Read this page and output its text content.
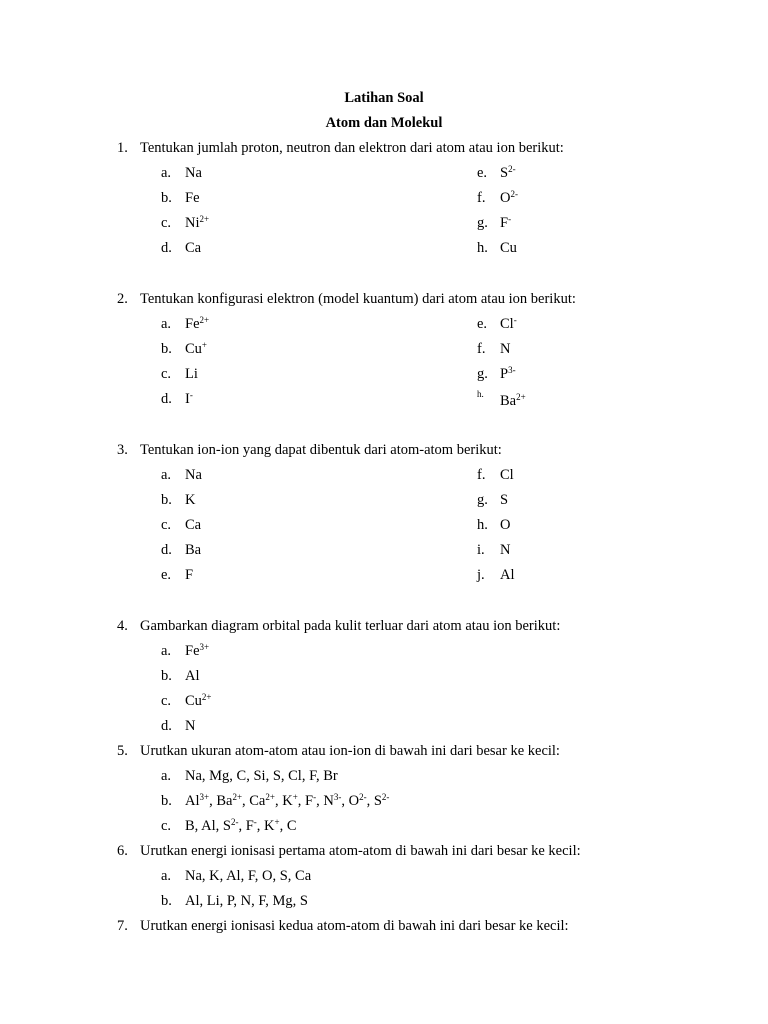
Latihan Soal
Atom dan Molekul
1. Tentukan jumlah proton, neutron dan elektron dari atom atau ion berikut:
a. Na
b. Fe
c. $Ni^{2+}$
d. Ca
e. $S^{2-}$
f. $O^{2-}$
g. F-
h. Cu
2. Tentukan konfigurasi elektron (model kuantum) dari atom atau ion berikut:
a. $Fe^{2+}$
b. Cu+
c. Li
d. I-
e. Cl-
f. N
g. $P^{3-}$
h. $Ba^{2+}$
3. Tentukan ion-ion yang dapat dibentuk dari atom-atom berikut:
a. Na
b. K
c. Ca
d. Ba
e. F
f. Cl
g. S
h. O
i. N
j. Al
4. Gambarkan diagram orbital pada kulit terluar dari atom atau ion berikut:
a. $Fe^{3+}$
b. Al
c. $Cu^{2+}$
d. N
5. Urutkan ukuran atom-atom atau ion-ion di bawah ini dari besar ke kecil:
a. Na, Mg, C, Si, S, Cl, F, Br
b. $Al^{3+}$, $Ba^{2+}$, $Ca^{2+}$, K+, F-, $N^{3-}$, $O^{2-}$, $S^{2-}$
c. B, Al, $S^{2-}$, F-, K+, C
6. Urutkan energi ionisasi pertama atom-atom di bawah ini dari besar ke kecil:
a. Na, K, Al, F, O, S, Ca
b. Al, Li, P, N, F, Mg, S
7. Urutkan energi ionisasi kedua atom-atom di bawah ini dari besar ke kecil:
